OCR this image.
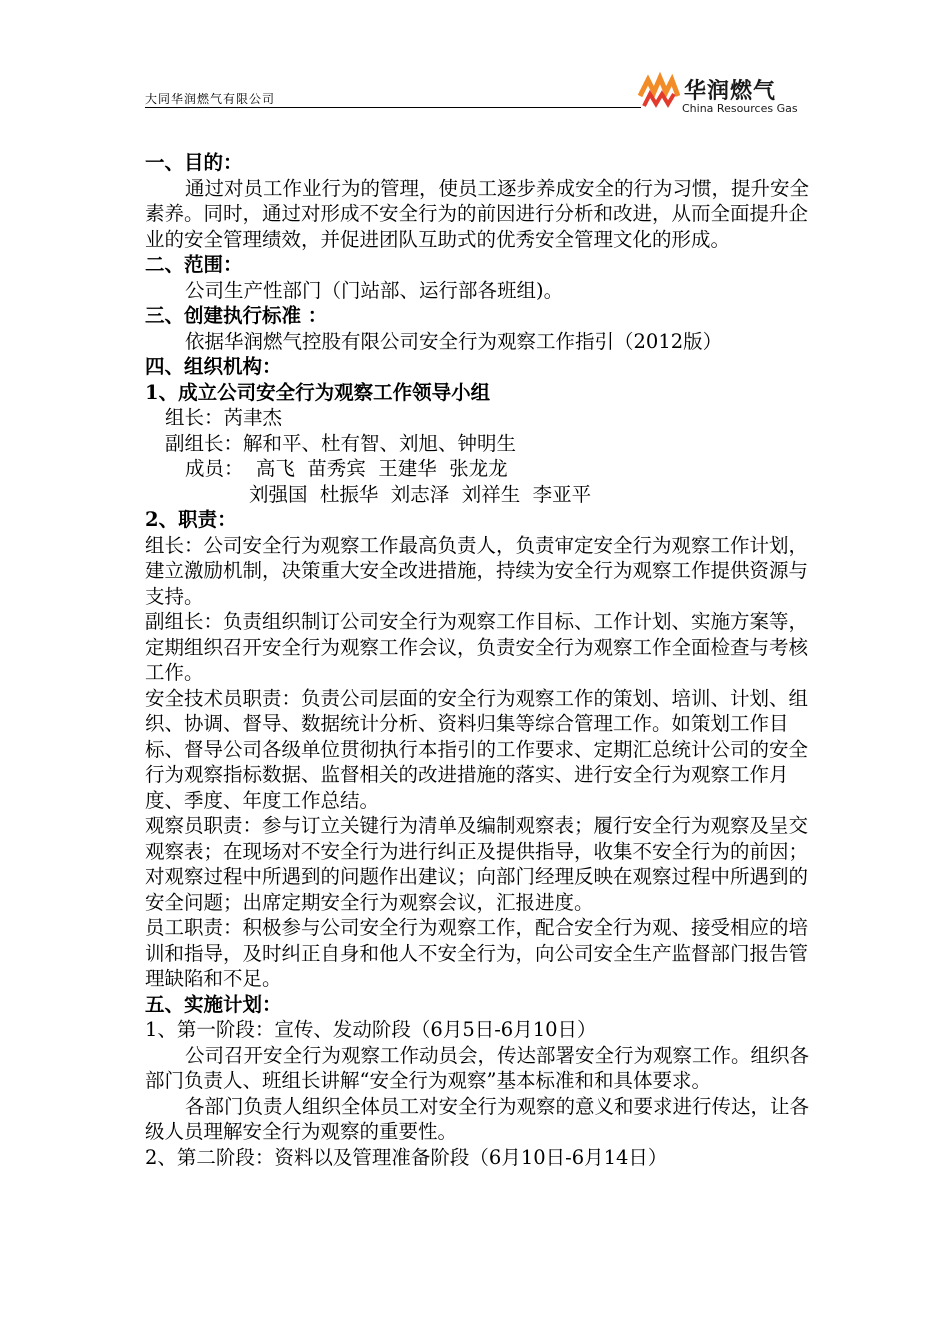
大同华润燃气有限公司	华润燃气
China Resources Gas

一、目的：

通过对员工作业行为的管理，使员工逐步养成安全的行为习惯，提升安全素养。同时，通过对形成不安全行为的前因进行分析和改进，从而全面提升企业的安全管理绩效，并促进团队互助式的优秀安全管理文化的形成。

二、范围：

公司生产性部门（门站部、运行部各班组)。

三、创建执行标准 ：

依据华润燃气控股有限公司安全行为观察工作指引（2012版）

四、组织机构：

1、成立公司安全行为观察工作领导小组

组长：芮聿杰

副组长：解和平、杜有智、刘旭、钟明生

成员：  高飞  苗秀宾  王建华  张龙龙

刘强国  杜振华  刘志泽  刘祥生  李亚平

2、职责：

组长：公司安全行为观察工作最高负责人，负责审定安全行为观察工作计划，建立激励机制，决策重大安全改进措施，持续为安全行为观察工作提供资源与支持。

副组长：负责组织制订公司安全行为观察工作目标、工作计划、实施方案等，定期组织召开安全行为观察工作会议，负责安全行为观察工作全面检查与考核工作。

安全技术员职责：负责公司层面的安全行为观察工作的策划、培训、计划、组织、协调、督导、数据统计分析、资料归集等综合管理工作。如策划工作目标、督导公司各级单位贯彻执行本指引的工作要求、定期汇总统计公司的安全行为观察指标数据、监督相关的改进措施的落实、进行安全行为观察工作月度、季度、年度工作总结。

观察员职责：参与订立关键行为清单及编制观察表；履行安全行为观察及呈交观察表；在现场对不安全行为进行纠正及提供指导，收集不安全行为的前因；对观察过程中所遇到的问题作出建议；向部门经理反映在观察过程中所遇到的安全问题；出席定期安全行为观察会议，汇报进度。

员工职责：积极参与公司安全行为观察工作，配合安全行为观、接受相应的培训和指导，及时纠正自身和他人不安全行为，向公司安全生产监督部门报告管理缺陷和不足。

五、实施计划：

1、第一阶段：宣传、发动阶段（6月5日-6月10日）

公司召开安全行为观察工作动员会，传达部署安全行为观察工作。组织各部门负责人、班组长讲解“安全行为观察”基本标准和和具体要求。

各部门负责人组织全体员工对安全行为观察的意义和要求进行传达，让各级人员理解安全行为观察的重要性。

2、第二阶段：资料以及管理准备阶段（6月10日-6月14日）
